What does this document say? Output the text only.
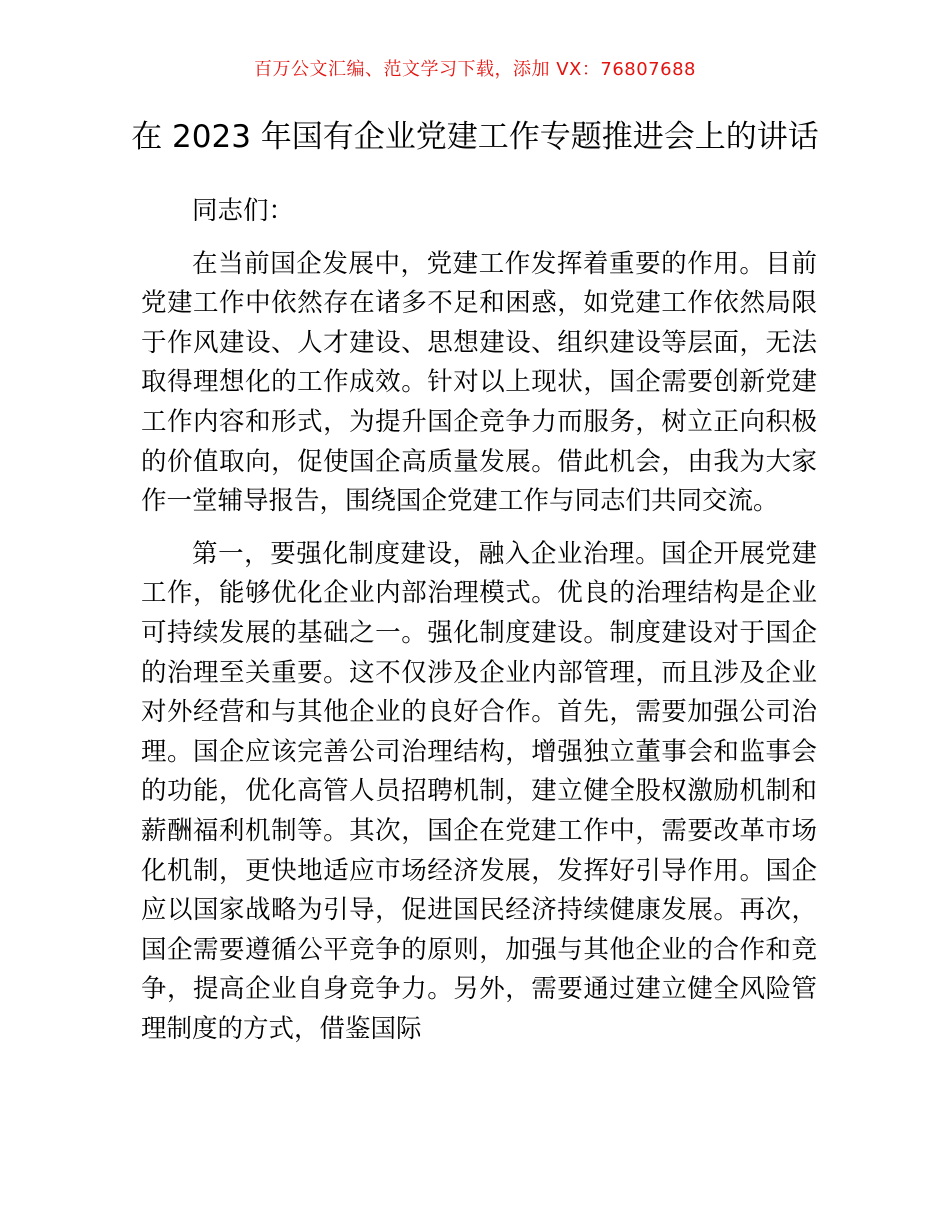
百万公文汇编、范文学习下载，添加 VX：76807688
在 2023 年国有企业党建工作专题推进会上的讲话

同志们：

在当前国企发展中，党建工作发挥着重要的作用。目前党建工作中依然存在诸多不足和困惑，如党建工作依然局限于作风建设、人才建设、思想建设、组织建设等层面，无法取得理想化的工作成效。针对以上现状，国企需要创新党建工作内容和形式，为提升国企竞争力而服务，树立正向积极的价值取向，促使国企高质量发展。借此机会，由我为大家作一堂辅导报告，围绕国企党建工作与同志们共同交流。

第一，要强化制度建设，融入企业治理。国企开展党建工作，能够优化企业内部治理模式。优良的治理结构是企业可持续发展的基础之一。强化制度建设。制度建设对于国企的治理至关重要。这不仅涉及企业内部管理，而且涉及企业对外经营和与其他企业的良好合作。首先，需要加强公司治理。国企应该完善公司治理结构，增强独立董事会和监事会的功能，优化高管人员招聘机制，建立健全股权激励机制和薪酬福利机制等。其次，国企在党建工作中，需要改革市场化机制，更快地适应市场经济发展，发挥好引导作用。国企应以国家战略为引导，促进国民经济持续健康发展。再次，国企需要遵循公平竞争的原则，加强与其他企业的合作和竞争，提高企业自身竞争力。另外，需要通过建立健全风险管理制度的方式，借鉴国际
